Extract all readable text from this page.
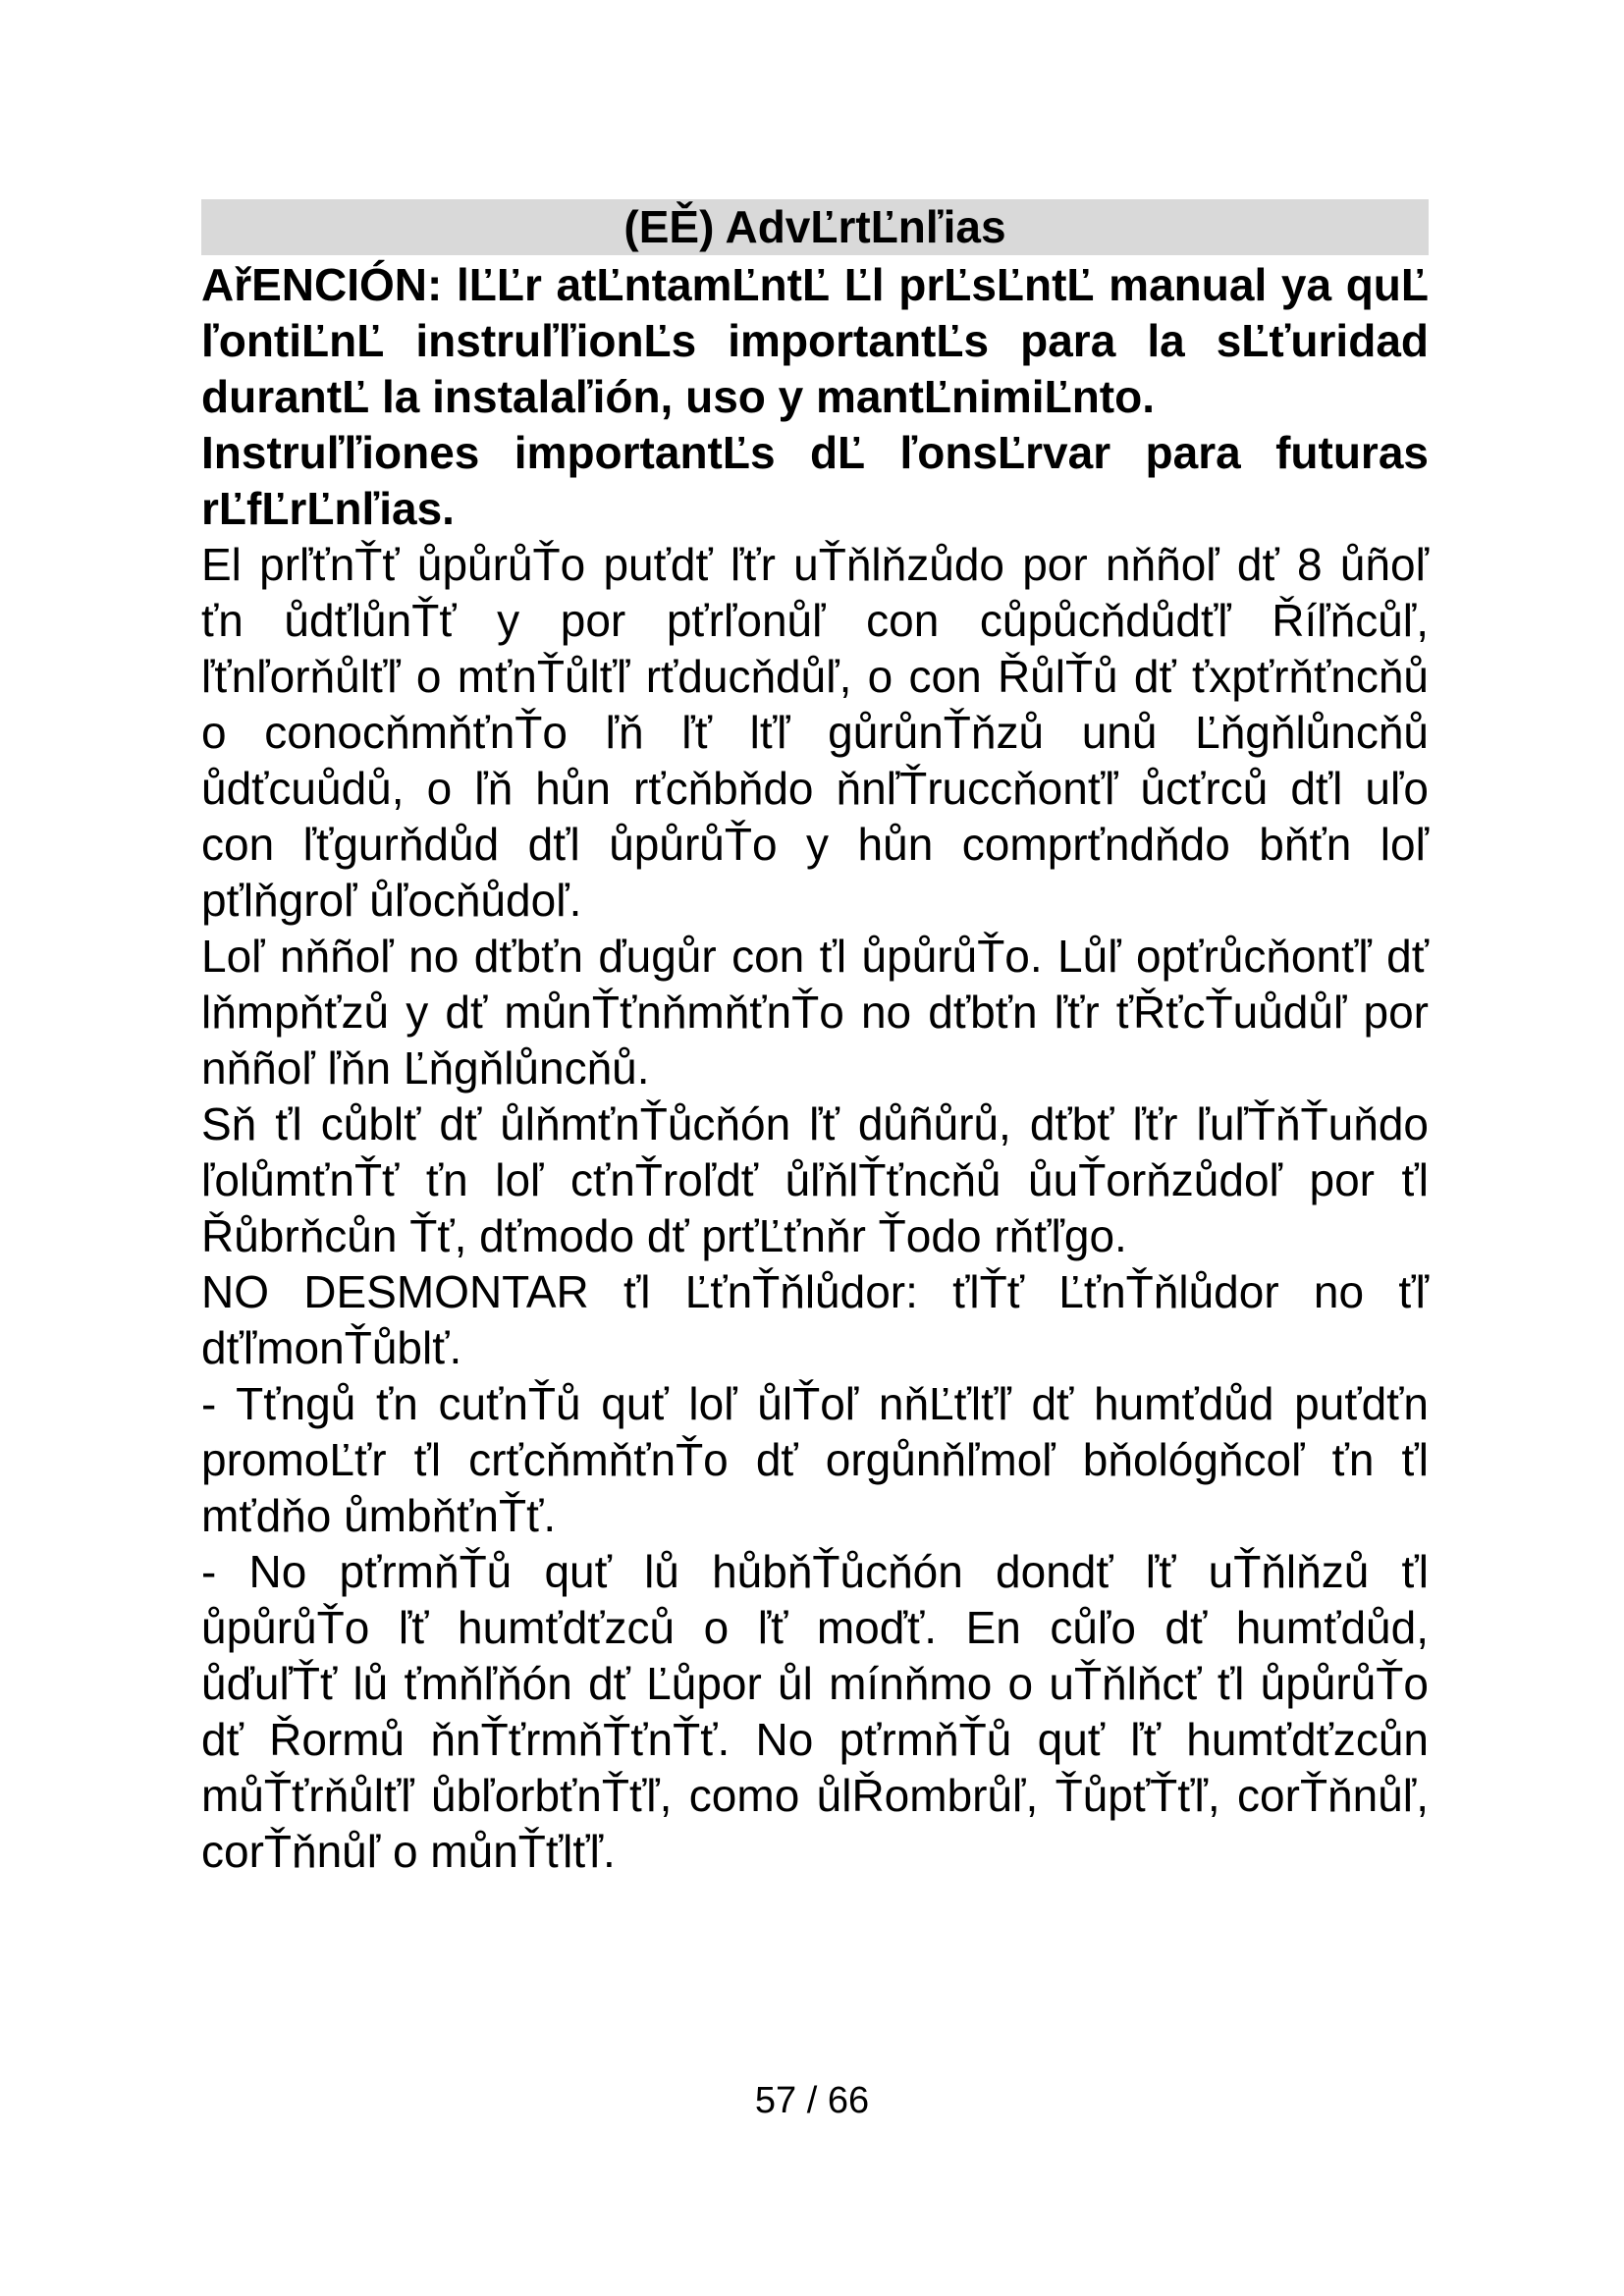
(EĚ) AdvĽrtĽnľias

AřENCIÓN: lĽĽr atĽntamĽntĽ Ľl prĽsĽntĽ manual ya quĽ ľontiĽnĽ instruľľionĽs importantĽs para la sĽťuridad durantĽ la instalaľión, uso y mantĽnimiĽnto.

Instruľľiones importantĽs dĽ ľonsĽrvar para futuras rĽfĽrĽnľias.

El prľťnŤť ůpůrůŤo puťdť ľťr uŤňlňzůdo por nňñoľ dť 8 ůñoľ ťn ůdťlůnŤť y por pťrľonůľ con cůpůcňdůdťľ Říľňcůľ, ľťnľorňůlťľ o mťnŤůlťľ rťducňdůľ, o con ŘůlŤů dť ťxpťrňťncňů o conocňmňťnŤo ľň ľť lťľ gůrůnŤňzů unů Ľňgňlůncňů ůdťcuůdů, o ľň hůn rťcňbňdo ňnľŤruccňonťľ ůcťrců dťl uľo con ľťgurňdůd dťl ůpůrůŤo y hůn comprťndňdo bňťn loľ pťlňgroľ ůľocňůdoľ.

Loľ nňñoľ no dťbťn ďugůr con ťl ůpůrůŤo. Lůľ opťrůcňonťľ dť lňmpňťzů y dť můnŤťnňmňťnŤo no dťbťn ľťr ťŘťcŤuůdůľ por nňñoľ ľňn Ľňgňlůncňů.

Sň ťl cůblť dť ůlňmťnŤůcňón ľť důñůrů, dťbť ľťr ľuľŤňŤuňdo ľolůmťnŤť ťn loľ cťnŤroľdť ůľňlŤťncňů ůuŤorňzůdoľ por ťl Řůbrňcůn Ťť, dťmodo dť prťĽťnňr Ťodo rňťľgo.

NO DESMONTAR ťl ĽťnŤňlůdor: ťlŤť ĽťnŤňlůdor no ťľ dťľmonŤůblť.

- Tťngů ťn cuťnŤů quť loľ ůlŤoľ nňĽťlťľ dť humťdůd puťdťn promoĽťr ťl crťcňmňťnŤo dť orgůnňľmoľ bňológňcoľ ťn ťl mťdňo ůmbňťnŤť.

- No pťrmňŤů quť lů hůbňŤůcňón dondť ľť uŤňlňzů ťl ůpůrůŤo ľť humťdťzců o ľť moďť. En cůľo dť humťdůd, ůďuľŤť lů ťmňľňón dť Ľůpor ůl mínňmo o uŤňlňcť ťl ůpůrůŤo dť Řormů ňnŤťrmňŤťnŤť. No pťrmňŤů quť ľť humťdťzcůn můŤťrňůlťľ ůbľorbťnŤťľ, como ůlŘombrůľ, ŤůpťŤťľ, corŤňnůľ, corŤňnůľ o můnŤťlťľ.

57 / 66
